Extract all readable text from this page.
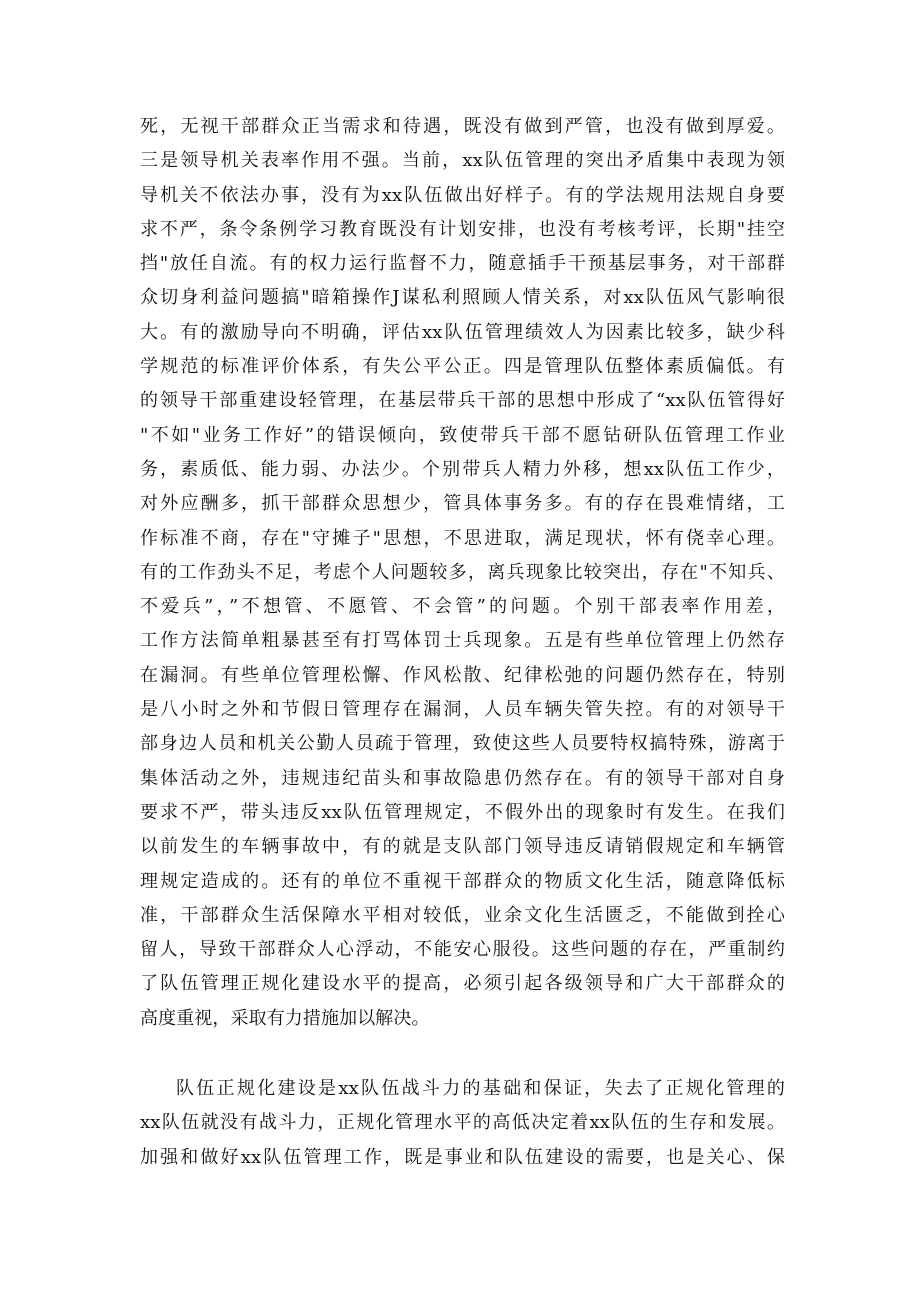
死，无视干部群众正当需求和待遇，既没有做到严管，也没有做到厚爱。
三是领导机关表率作用不强。当前，xx队伍管理的突出矛盾集中表现为领
导机关不依法办事，没有为xx队伍做出好样子。有的学法规用法规自身要
求不严，条令条例学习教育既没有计划安排，也没有考核考评，长期"挂空
挡"放任自流。有的权力运行监督不力，随意插手干预基层事务，对干部群
众切身利益问题搞"暗箱操作J谋私利照顾人情关系，对xx队伍风气影响很
大。有的激励导向不明确，评估xx队伍管理绩效人为因素比较多，缺少科
学规范的标准评价体系，有失公平公正。四是管理队伍整体素质偏低。有
的领导干部重建设轻管理，在基层带兵干部的思想中形成了“xx队伍管得好
"不如"业务工作好”的错误倾向，致使带兵干部不愿钻研队伍管理工作业
务，素质低、能力弱、办法少。个别带兵人精力外移，想xx队伍工作少，
对外应酬多，抓干部群众思想少，管具体事务多。有的存在畏难情绪，工
作标准不商，存在"守摊子"思想，不思进取，满足现状，怀有侥幸心理。
有的工作劲头不足，考虑个人问题较多，离兵现象比较突出，存在"不知兵、
不爱兵”，”不想管、不愿管、不会管”的问题。个别干部表率作用差，
工作方法简单粗暴甚至有打骂体罚士兵现象。五是有些单位管理上仍然存
在漏洞。有些单位管理松懈、作风松散、纪律松弛的问题仍然存在，特别
是八小时之外和节假日管理存在漏洞，人员车辆失管失控。有的对领导干
部身边人员和机关公勤人员疏于管理，致使这些人员要特权搞特殊，游离于
集体活动之外，违规违纪苗头和事故隐患仍然存在。有的领导干部对自身
要求不严，带头违反xx队伍管理规定，不假外出的现象时有发生。在我们
以前发生的车辆事故中，有的就是支队部门领导违反请销假规定和车辆管
理规定造成的。还有的单位不重视干部群众的物质文化生活，随意降低标
准，干部群众生活保障水平相对较低，业余文化生活匮乏，不能做到拴心
留人，导致干部群众人心浮动，不能安心服役。这些问题的存在，严重制约
了队伍管理正规化建设水平的提高，必须引起各级领导和广大干部群众的
高度重视，采取有力措施加以解决。
队伍正规化建设是xx队伍战斗力的基础和保证，失去了正规化管理的
xx队伍就没有战斗力，正规化管理水平的高低决定着xx队伍的生存和发展。
加强和做好xx队伍管理工作，既是事业和队伍建设的需要，也是关心、保
